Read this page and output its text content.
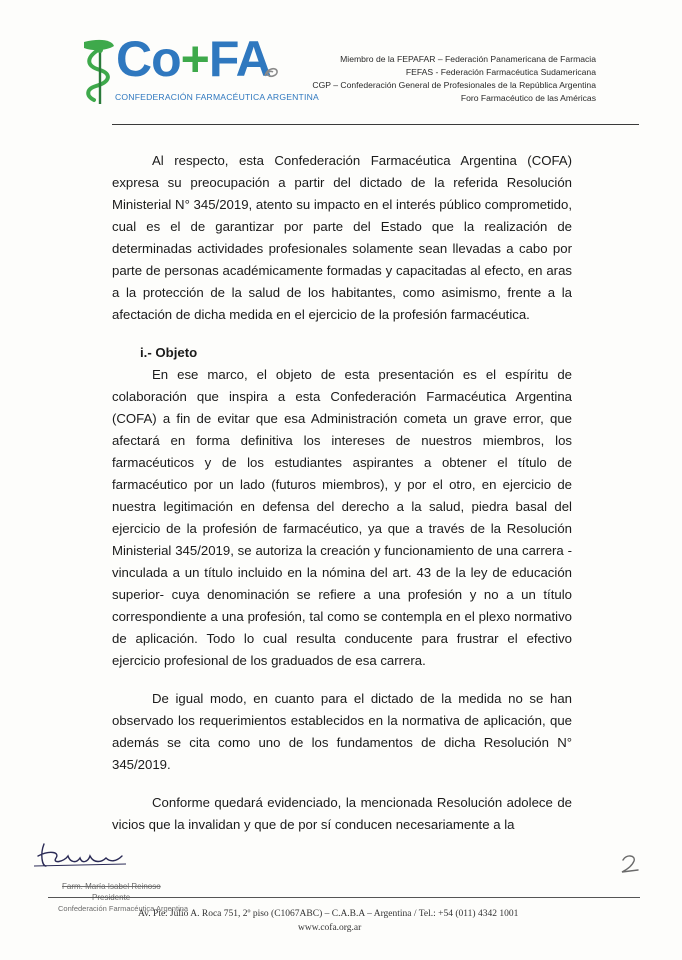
Co+FA
CONFEDERACIÓN FARMACÉUTICA ARGENTINA
Miembro de la FEPAFAR – Federación Panamericana de Farmacia
FEFAS - Federación Farmacéutica Sudamericana
CGP – Confederación General de Profesionales de la República Argentina
Foro Farmacéutico de las Américas

Al respecto, esta Confederación Farmacéutica Argentina (COFA) expresa su preocupación a partir del dictado de la referida Resolución Ministerial N° 345/2019, atento su impacto en el interés público comprometido, cual es el de garantizar por parte del Estado que la realización de determinadas actividades profesionales solamente sean llevadas a cabo por parte de personas académicamente formadas y capacitadas al efecto, en aras a la protección de la salud de los habitantes, como asimismo, frente a la afectación de dicha medida en el ejercicio de la profesión farmacéutica.

i.- Objeto

En ese marco, el objeto de esta presentación es el espíritu de colaboración que inspira a esta Confederación Farmacéutica Argentina (COFA) a fin de evitar que esa Administración cometa un grave error, que afectará en forma definitiva los intereses de nuestros miembros, los farmacéuticos y de los estudiantes aspirantes a obtener el título de farmacéutico por un lado (futuros miembros), y por el otro, en ejercicio de nuestra legitimación en defensa del derecho a la salud, piedra basal del ejercicio de la profesión de farmacéutico, ya que a través de la Resolución Ministerial 345/2019, se autoriza la creación y funcionamiento de una carrera -vinculada a un título incluido en la nómina del art. 43 de la ley de educación superior- cuya denominación se refiere a una profesión y no a un título correspondiente a una profesión, tal como se contempla en el plexo normativo de aplicación. Todo lo cual resulta conducente para frustrar el efectivo ejercicio profesional de los graduados de esa carrera.

De igual modo, en cuanto para el dictado de la medida no se han observado los requerimientos establecidos en la normativa de aplicación, que además se cita como uno de los fundamentos de dicha Resolución N° 345/2019.

Conforme quedará evidenciado, la mencionada Resolución adolece de vicios que la invalidan y que de por sí conducen necesariamente a la

Farm. María Isabel Reinoso
Presidente
Confederación Farmacéutica Argentina
Av. Pte. Julio A. Roca 751, 2º piso (C1067ABC) – C.A.B.A – Argentina / Tel.: +54 (011) 4342 1001
www.cofa.org.ar
